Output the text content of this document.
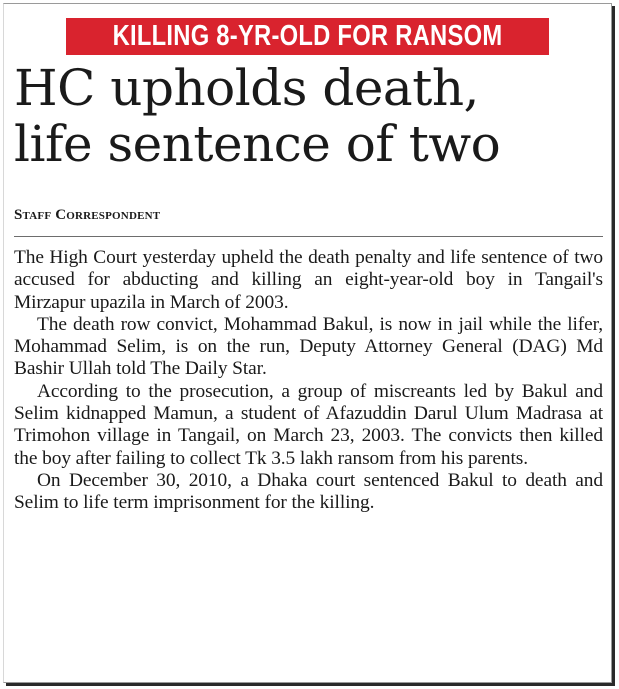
KILLING 8-YR-OLD FOR RANSOM
HC upholds death,
life sentence of two
Staff Correspondent

The High Court yesterday upheld the death penalty and life sentence of two accused for abducting and killing an eight-year-old boy in Tangail's Mirzapur upazila in March of 2003.

The death row convict, Mohammad Bakul, is now in jail while the lifer, Mohammad Selim, is on the run, Deputy Attorney General (DAG) Md Bashir Ullah told The Daily Star.

According to the prosecution, a group of miscreants led by Bakul and Selim kidnapped Mamun, a student of Afazuddin Darul Ulum Madrasa at Trimohon village in Tangail, on March 23, 2003. The convicts then killed the boy after failing to collect Tk 3.5 lakh ransom from his parents.

On December 30, 2010, a Dhaka court sentenced Bakul to death and Selim to life term imprisonment for the killing.
